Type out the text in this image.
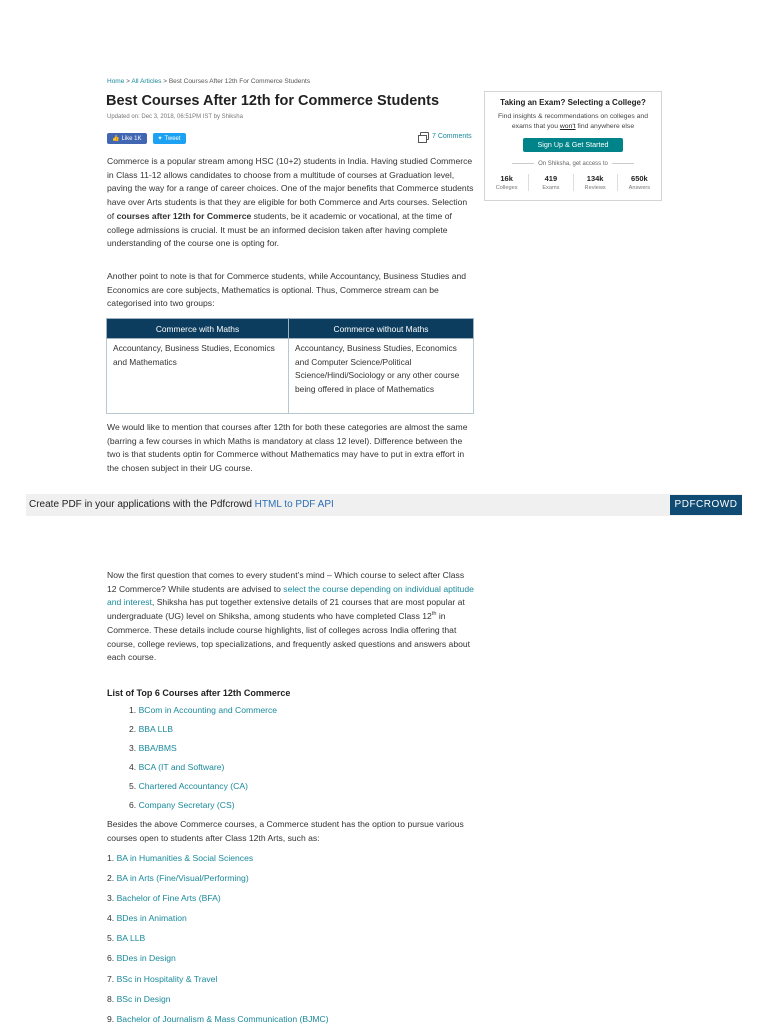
Home > All Articles > Best Courses After 12th For Commerce Students
Best Courses After 12th for Commerce Students
Updated on: Dec 3, 2018, 06:51PM IST by Shiksha
👍 Like 1K	✦ Tweet	7 Comments

Commerce is a popular stream among HSC (10+2) students in India. Having studied Commerce in Class 11-12 allows candidates to choose from a multitude of courses at Graduation level, paving the way for a range of career choices. One of the major benefits that Commerce students have over Arts students is that they are eligible for both Commerce and Arts courses. Selection of courses after 12th for Commerce students, be it academic or vocational, at the time of college admissions is crucial. It must be an informed decision taken after having complete understanding of the course one is opting for.

Another point to note is that for Commerce students, while Accountancy, Business Studies and Economics are core subjects, Mathematics is optional. Thus, Commerce stream can be categorised into two groups:

Commerce with Maths	Commerce without Maths
Accountancy, Business Studies, Economics and Mathematics	Accountancy, Business Studies, Economics and Computer Science/Political Science/Hindi/Sociology or any other course being offered in place of Mathematics

We would like to mention that courses after 12th for both these categories are almost the same (barring a few courses in which Maths is mandatory at class 12 level). Difference between the two is that students optin for Commerce without Mathematics may have to put in extra effort in the chosen subject in their UG course.

Taking an Exam? Selecting a College?
Find insights & recommendations on colleges and exams that you won't find anywhere else
Sign Up & Get Started
On Shiksha, get access to
16k
Colleges
419
Exams
134k
Reviews
650k
Answers
Create PDF in your applications with the Pdfcrowd HTML to PDF API	PDFCROWD

Now the first question that comes to every student’s mind – Which course to select after Class 12 Commerce? While students are advised to select the course depending on individual aptitude and interest, Shiksha has put together extensive details of 21 courses that are most popular at undergraduate (UG) level on Shiksha, among students who have completed Class 12th in Commerce. These details include course highlights, list of colleges across India offering that course, college reviews, top specializations, and frequently asked questions and answers about each course.

List of Top 6 Courses after 12th Commerce
1. BCom in Accounting and Commerce
2. BBA LLB
3. BBA/BMS
4. BCA (IT and Software)
5. Chartered Accountancy (CA)
6. Company Secretary (CS)

Besides the above Commerce courses, a Commerce student has the option to pursue various courses open to students after Class 12th Arts, such as:

1. BA in Humanities & Social Sciences
2. BA in Arts (Fine/Visual/Performing)
3. Bachelor of Fine Arts (BFA)
4. BDes in Animation
5. BA LLB
6. BDes in Design
7. BSc in Hospitality & Travel
8. BSc in Design
9. Bachelor of Journalism & Mass Communication (BJMC)
